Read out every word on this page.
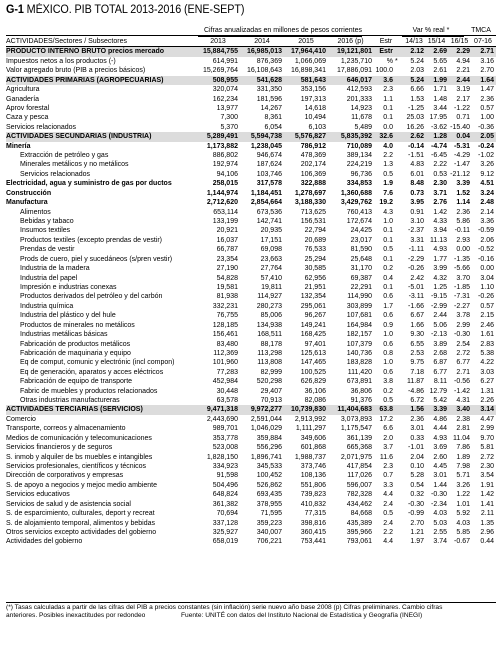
G-1 MÉXICO. PIB TOTAL 2013-2016 (ENE-SEPT)
Cifras anualizadas en millones de pesos corrientes	Var % real *	TMCA
ACTIVIDADES/Sectores / Subsectores	2013	2014	2015	2016 (p)	Estr	14/13 15/14 16/15 07-16
PRODUCTO INTERNO BRUTO precios mercado	15,884,755	16,985,013	17,964,410	19,121,801	Estr	2.12	2.69	2.29	2.71
Impuestos netos a los productos (-)	614,991	876,369	1,066,069	1,235,710	% *	5.24	5.65	4.94	3.16
Valor agregado bruto (PIB a precios básicos)	15,269,764	16,108,643	16,898,341	17,886,091 100.0	2.03	2.61	2.21	2.70
ACTIVIDADES PRIMARIAS (AGROPECUARIAS)	508,955	541,628	581,643	646,017	3.6	5.24	1.99	2.44	1.64
Agricultura	320,074	331,350	353,156	412,593	2.3	6.66	1.71	3.19	1.47
Ganadería	162,234	181,596	197,313	201,333	1.1	1.53	1.48	2.17	2.36
Aprov forestal	13,977	14,267	14,618	14,923	0.1	-1.25	3.44	-1.22	0.57
Caza y pesca	7,300	8,361	10,494	11,678	0.1	25.03 17.95	0.71	1.00
Servicios relacionados	5,370	6,054	6,103	5,489	0.0	16.26	-3.62 -15.40	-0.36
ACTIVIDADES SECUNDARIAS (INDUSTRIA)	5,289,491	5,594,738	5,576,827	5,835,392	32.6	2.62	1.28	0.04	2.05
Minería	1,173,882	1,238,045	786,912	710,089	4.0	-0.14	-4.74	-5.31	-0.24
Extracción de petróleo y gas	886,802	946,674	478,369	389,134	2.2	-1.51	-6.45	-4.29	-1.02
Minerales metálicos y no metálicos	192,974	187,624	202,174	224,219	1.3	4.83	2.22	-1.47	3.26
Servicios relacionados	94,106	103,746	106,369	96,736	0.5	6.01	0.53 -21.12	9.12
Electricidad, agua y suministro de gas por ductos	258,015	317,578	322,888	334,853	1.9	8.48	2.30	3.39	4.51
Construcción	1,144,974	1,184,451	1,278,697	1,360,688	7.6	0.73	3.71	1.52	3.24
Manufactura	2,712,620	2,854,664	3,188,330	3,429,762	19.2	3.95	2.76	1.14	2.48
Alimentos	653,114	673,536	713,625	760,413	4.3	0.91	1.42	2.36	2.14
Bebidas y tabaco	133,199	142,741	156,531	172,674	1.0	3.10	4.33	5.86	3.36
Insumos textiles	20,921	20,935	22,794	24,425	0.1	-2.37	3.94	-0.11	-0.59
Productos textiles (excepto prendas de vestir)	16,037	17,151	20,689	23,017	0.1	3.31 11.13	2.93	2.06
Prendas de vestir	66,787	69,098	76,533	81,590	0.5	-1.11	4.93	0.00	-0.52
Prods de cuero, piel y sucedáneos (s/pren vestir)	23,354	23,663	25,294	25,648	0.1	-2.29	1.77	-1.35	-0.16
Industria de la madera	27,190	27,764	30,585	31,170	0.2	-0.26	3.99	-5.66	0.00
Industria del papel	54,828	57,410	62,956	69,387	0.4	2.42	4.32	3.70	3.04
Impresión e industrias conexas	19,581	19,811	21,951	22,291	0.1	-5.01	1.25	-1.85	1.10
Productos derivados del petróleo y del carbón	81,938	114,927	132,354	114,990	0.6	-3.11	-9.15	-7.31	-0.26
Industria química	332,231	280,273	295,061	303,899	1.7	-1.66	-2.99	-2.27	0.57
Industria del plástico y del hule	76,755	85,006	96,267	107,681	0.6	6.67	2.44	3.78	2.15
Productos de minerales no metálicos	128,185	134,938	149,241	164,984	0.9	1.66	5.06	2.99	2.46
Industrias metálicas básicas	156,461	168,511	168,425	182,157	1.0	9.30	-2.13	-0.30	1.61
Fabricación de productos metálicos	83,480	88,178	97,401	107,379	0.6	6.55	3.89	2.54	2.83
Fabricación de maquinaria y equipo	112,369	113,298	125,613	140,736	0.8	2.53	2.68	2.72	5.38
Eq de comput, comunic y electrónic (incl compon)	101,960	113,808	147,465	183,828	1.0	9.75	6.87	6.77	4.22
Eq de generación, aparatos y acces eléctricos	77,283	82,999	100,525	111,420	0.6	7.18	6.77	2.71	3.03
Fabricación de equipo de transporte	452,984	520,298	626,829	673,891	3.8	11.87	8.11	-0.56	6.27
Fabric de muebles y productos relacionados	30,448	29,407	36,106	36,806	0.2	-4.86 12.79	-1.42	1.31
Otras industrias manufactureras	63,578	70,913	82,086	91,376	0.5	6.72	5.42	4.31	2.26
ACTIVIDADES TERCIARIAS (SERVICIOS)	9,471,318	9,972,277	10,739,830	11,404,683	63.8	1.56	3.39	3.40	3.14
Comercio	2,443,690	2,591,044	2,913,992	3,073,893	17.2	2.36	4.86	2.38	4.47
Transporte, correos y almacenamiento	989,701	1,046,029	1,111,297	1,175,547	6.6	3.01	4.44	2.81	2.99
Medios de comunicación y telecomunicaciones	353,778	359,884	349,606	361,139	2.0	0.33	4.93 11.04	9.70
Servicios financieros y de seguros	523,008	556,296	601,868	665,368	3.7	-1.01	3.69	7.86	5.81
S. inmob y alquiler de bs muebles e intangibles	1,828,150	1,896,741	1,988,737	2,071,975	11.6	2.04	2.60	1.89	2.72
Servicios profesionales, científicos y técnicos	334,923	345,533	373,746	417,854	2.3	0.10	4.45	7.98	2.30
Dirección de corporativos y empresas	91,598	100,452	108,136	117,026	0.7	5.28	3.01	5.71	3.54
S. de apoyo a negocios y mejoc medio ambiente	504,496	526,862	551,806	596,007	3.3	0.54	1.44	3.26	1.91
Servicios educativos	648,824	693,435	739,823	782,328	4.4	0.32	-0.30	1.22	1.42
Servicios de salud y de asistencia social	361,382	378,955	410,832	434,462	2.4	-0.30	-2.34	1.01	1.41
S. de esparcimiento, culturales, deport y recreat	70,694	71,595	77,315	84,668	0.5	-0.99	4.03	5.92	2.11
S. de alojamiento temporal, alimentos y bebidas	337,128	359,223	398,816	435,389	2.4	2.70	5.03	4.03	1.35
Otros servicios excepto actividades del gobierno	325,927	340,007	360,415	395,966	2.2	1.21	2.55	5.85	2.96
Actividades del gobierno	658,019	706,221	753,441	793,061	4.4	1.97	3.74	-0.67	0.44
(*) Tasas calculadas a partir de las cifras del PIB a precios constantes (sin inflación) serie nuevo año base 2008 (p) Cifras preliminares. Cambio cifras
anteriores. Posibles inexactitudes por redondeo	Fuente: UNITÉ con datos del Instituto Nacional de Estadística y Geografía (INEGI)
